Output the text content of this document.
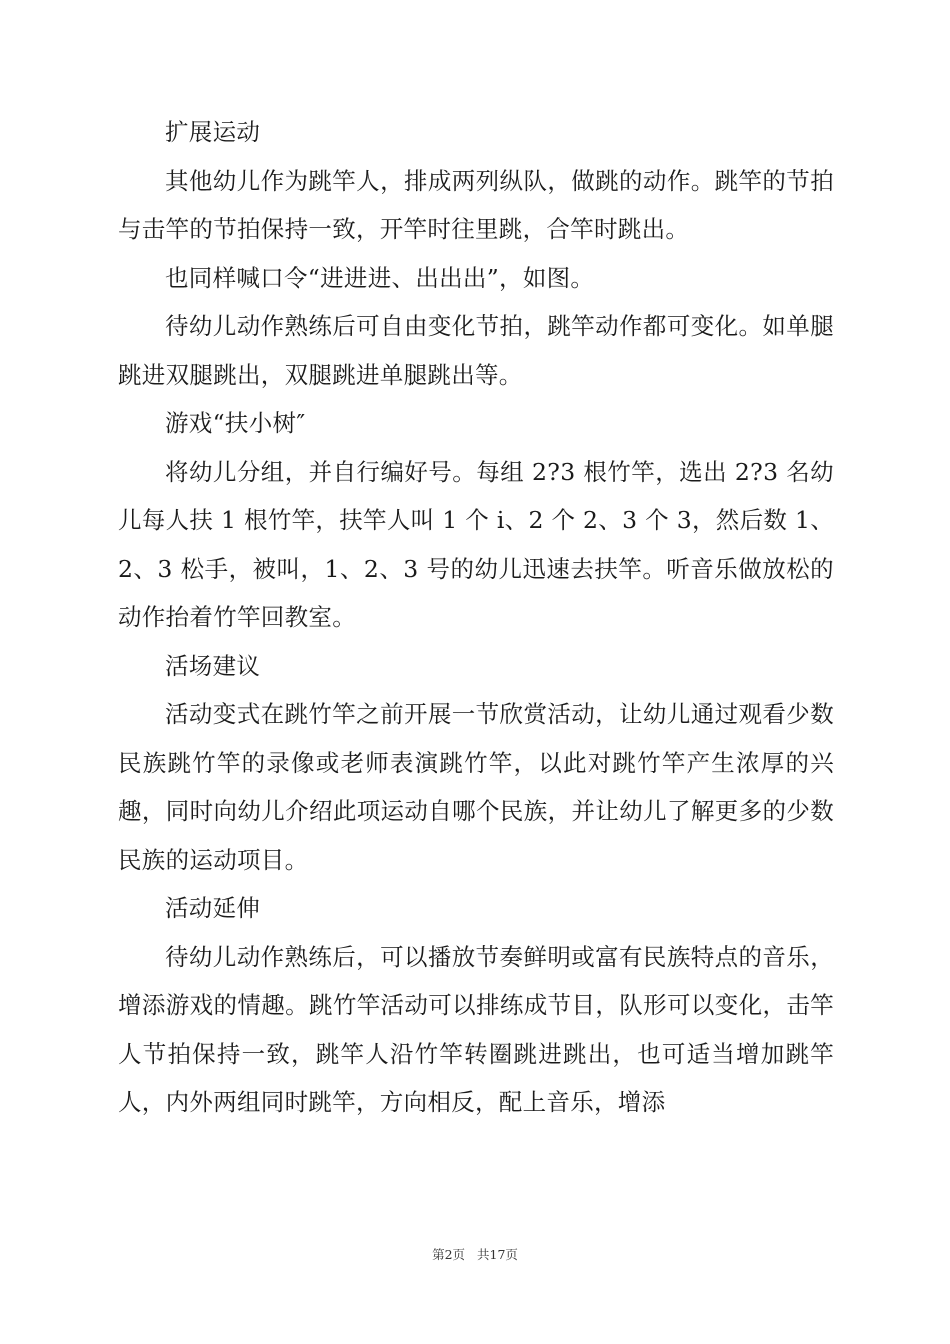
扩展运动

其他幼儿作为跳竿人，排成两列纵队，做跳的动作。跳竿的节拍与击竿的节拍保持一致，开竿时往里跳，合竿时跳出。

也同样喊口令“进进进、出出出”，如图。

待幼儿动作熟练后可自由变化节拍，跳竿动作都可变化。如单腿跳进双腿跳出，双腿跳进单腿跳出等。

游戏“扶小树″

将幼儿分组，并自行编好号。每组 2?3 根竹竿，选出 2?3 名幼儿每人扶 1 根竹竿，扶竿人叫 1 个 i、2 个 2、3 个 3，然后数 1、2、3 松手，被叫，1、2、3 号的幼儿迅速去扶竿。听音乐做放松的动作抬着竹竿回教室。

活场建议

活动变式在跳竹竿之前开展一节欣赏活动，让幼儿通过观看少数民族跳竹竿的录像或老师表演跳竹竿，以此对跳竹竿产生浓厚的兴趣，同时向幼儿介绍此项运动自哪个民族，并让幼儿了解更多的少数民族的运动项目。

活动延伸

待幼儿动作熟练后，可以播放节奏鲜明或富有民族特点的音乐，增添游戏的情趣。跳竹竿活动可以排练成节目，队形可以变化，击竿人节拍保持一致，跳竿人沿竹竿转圈跳进跳出，也可适当增加跳竿人，内外两组同时跳竿，方向相反，配上音乐，增添

第2页 共17页
